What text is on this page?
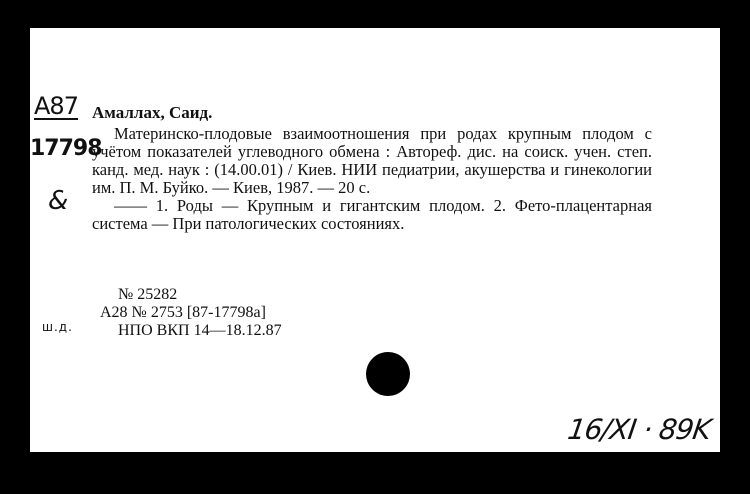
А87
17798
&
Амаллах, Саид.

Материнско-плодовые взаимоотношения при родах крупным плодом с учётом показателей углеводного обмена : Автореф. дис. на соиск. учен. степ. канд. мед. наук : (14.00.01) / Киев. НИИ педиатрии, акушерства и гинекологии им. П. М. Буйко. — Киев, 1987. — 20 с.

—— 1. Роды — Крупным и гигантским плодом. 2. Фето-плацентарная система — При патологических состояниях.

№ 25282
А28 № 2753 [87-17798а]
НПО ВКП 14—18.12.87
ш.д.
16/XI · 89K
